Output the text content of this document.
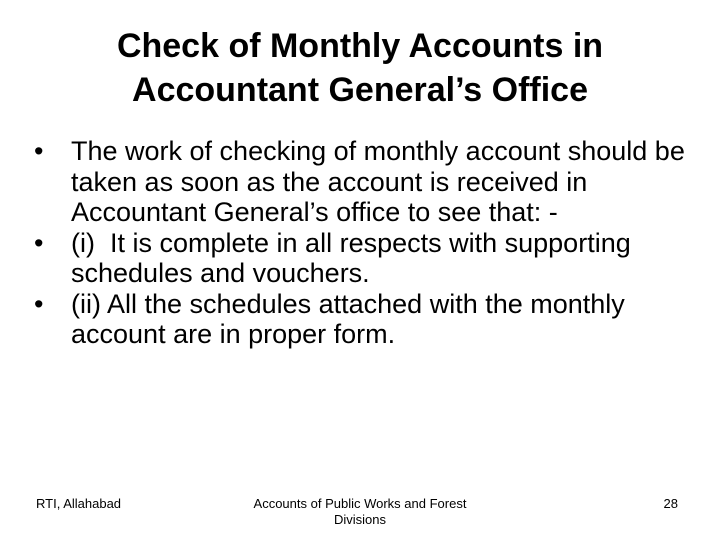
Check of Monthly Accounts in
Accountant General’s Office
• The work of checking of monthly account should be taken as soon as the account is received in Accountant General’s office to see that: -
• (i)  It is complete in all respects with supporting schedules and vouchers.
• (ii) All the schedules attached with the monthly account are in proper form.
RTI, Allahabad	Accounts of Public Works and Forest Divisions
28
